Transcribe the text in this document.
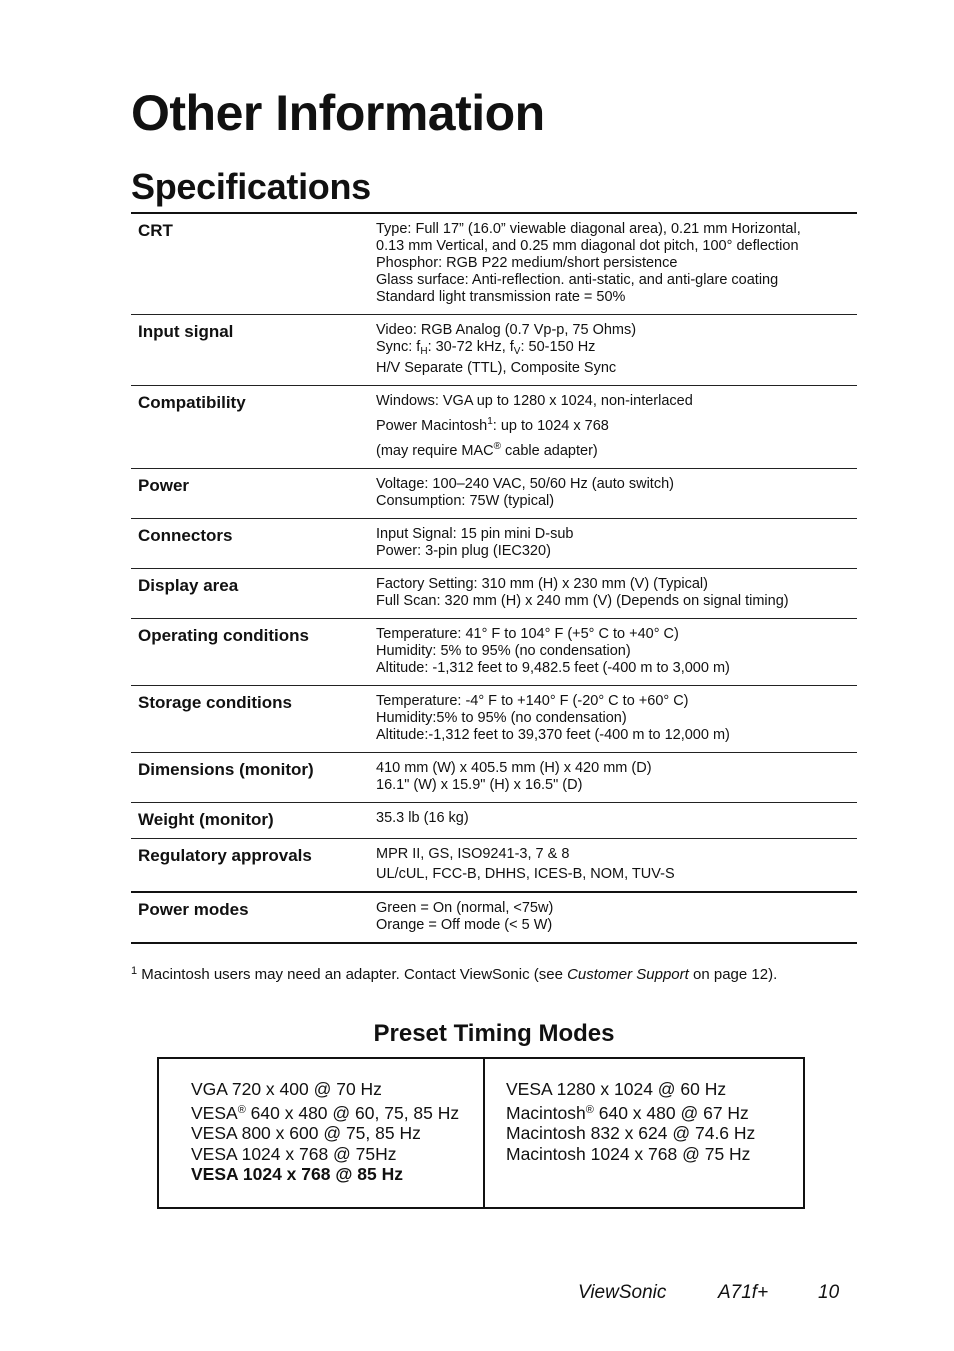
Other Information
Specifications
CRT	Type: Full 17” (16.0” viewable diagonal area), 0.21 mm Horizontal,
0.13 mm Vertical, and 0.25 mm diagonal dot pitch, 100° deflection
Phosphor: RGB P22 medium/short persistence
Glass surface: Anti-reflection. anti-static, and anti-glare coating
Standard light transmission rate = 50%
Input signal	Video: RGB Analog (0.7 Vp-p, 75 Ohms)
Sync: $f_H$: 30-72 kHz, $f_V$: 50-150 Hz
H/V Separate (TTL), Composite Sync
Compatibility	Windows: VGA up to 1280 x 1024, non-interlaced
Power Macintosh$^1$: up to 1024 x 768
(may require MAC® cable adapter)
Power	Voltage: 100–240 VAC, 50/60 Hz (auto switch)
Consumption: 75W (typical)
Connectors	Input Signal: 15 pin mini D-sub
Power: 3-pin plug (IEC320)
Display area	Factory Setting: 310 mm (H) x 230 mm (V) (Typical)
Full Scan: 320 mm (H) x 240 mm (V) (Depends on signal timing)
Operating conditions	Temperature: 41° F to 104° F (+5° C to +40° C)
Humidity: 5% to 95% (no condensation)
Altitude: -1,312 feet to 9,482.5 feet (-400 m to 3,000 m)
Storage conditions	Temperature: -4° F to +140° F (-20° C to +60° C)
Humidity:5% to 95% (no condensation)
Altitude:-1,312 feet to 39,370 feet (-400 m to 12,000 m)
Dimensions (monitor)	410 mm (W) x 405.5 mm (H) x 420 mm (D)
16.1" (W) x 15.9" (H) x 16.5" (D)
Weight (monitor)	35.3 lb (16 kg)
Regulatory approvals	MPR II, GS, ISO9241-3, 7 & 8
UL/cUL, FCC-B, DHHS, ICES-B, NOM, TUV-S
Power modes	Green = On (normal, <75w)
Orange = Off mode (< 5 W)
$^1$ Macintosh users may need an adapter. Contact ViewSonic (see Customer Support on page 12).
Preset Timing Modes
VGA 720 x 400 @ 70 Hz
VESA® 640 x 480 @ 60, 75, 85 Hz
VESA 800 x 600 @ 75, 85 Hz
VESA 1024 x 768 @ 75Hz
VESA 1024 x 768 @ 85 Hz
VESA 1280 x 1024 @ 60 Hz
Macintosh® 640 x 480 @ 67 Hz
Macintosh 832 x 624 @ 74.6 Hz
Macintosh 1024 x 768 @ 75 Hz
ViewSonic	A71f+	10
